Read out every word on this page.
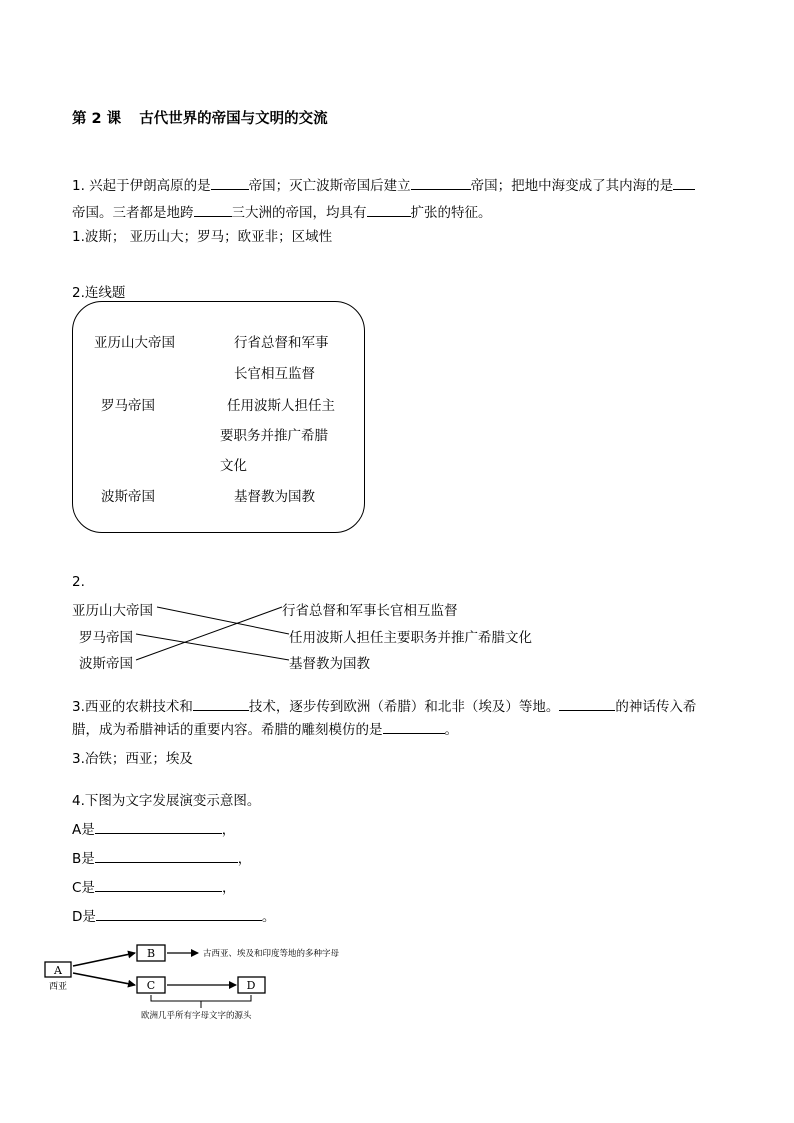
第 2 课 古代世界的帝国与文明的交流
1. 兴起于伊朗高原的是	帝国；灭亡波斯帝国后建立	帝国；把地中海变成了其内海的是
帝国。三者都是地跨	三大洲的帝国，均具有	扩张的特征。
1.波斯； 亚历山大；罗马；欧亚非；区域性
2.连线题
亚历山大帝国
罗马帝国
波斯帝国
行省总督和军事
长官相互监督
任用波斯人担任主
要职务并推广希腊
文化
基督教为国教
2.
亚历山大帝国
罗马帝国
波斯帝国
行省总督和军事长官相互监督
任用波斯人担任主要职务并推广希腊文化
基督教为国教
3.西亚的农耕技术和	技术，逐步传到欧洲（希腊）和北非（埃及）等地。	的神话传入希
腊，成为希腊神话的重要内容。希腊的雕刻模仿的是	。
3.冶铁；西亚；埃及
4.下图为文字发展演变示意图。
A是	，
B是	，
C是	，
D是	。
A
西亚
B
C	D
古西亚、埃及和印度等地的多种字母
欧洲几乎所有字母文字的源头
